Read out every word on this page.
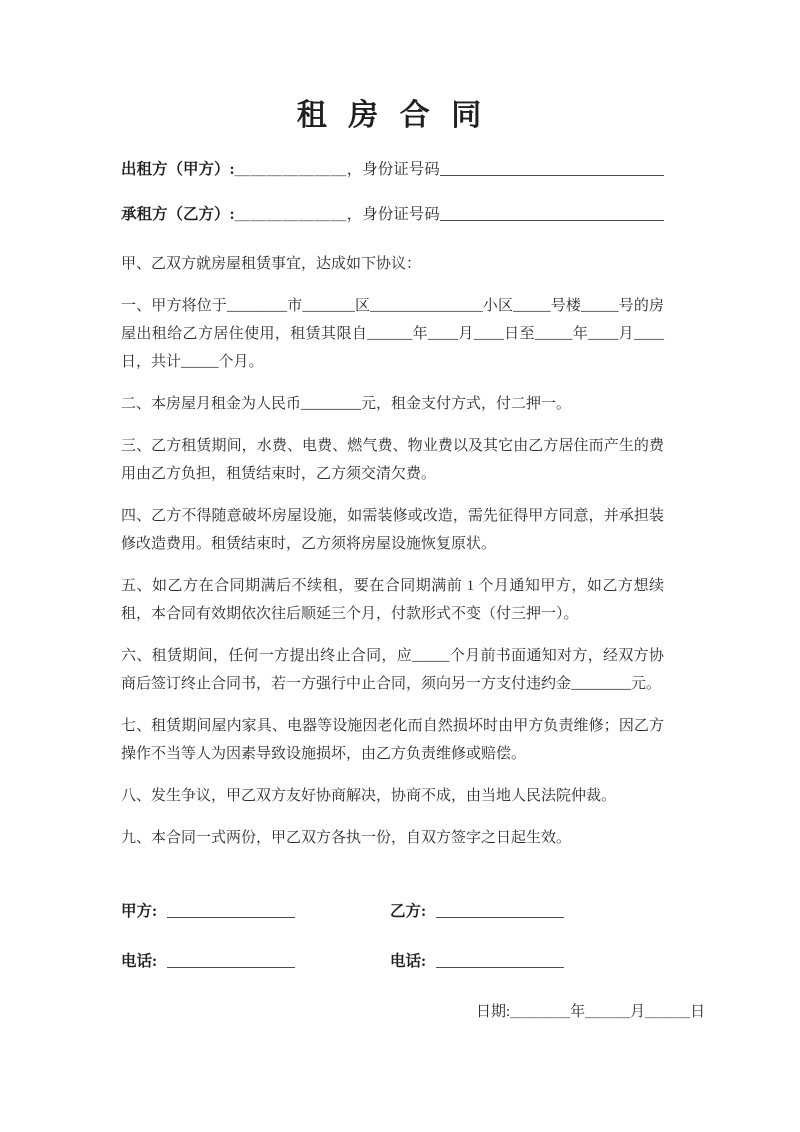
租 房 合 同
出租方（甲方）: ＿＿＿＿＿＿＿ ，身份证号码
承租方（乙方）: ＿＿＿＿＿＿＿ ，身份证号码
甲、乙双方就房屋租赁事宜，达成如下协议：
一、甲方将位于________市_______区_______________小区_____号楼_____号的房屋出租给乙方居住使用，租赁其限自______年____月____日至_____年____月____日，共计_____个月。
二、本房屋月租金为人民币________元，租金支付方式，付二押一。
三、乙方租赁期间，水费、电费、燃气费、物业费以及其它由乙方居住而产生的费用由乙方负担，租赁结束时，乙方须交清欠费。
四、乙方不得随意破坏房屋设施，如需装修或改造，需先征得甲方同意，并承担装修改造费用。租赁结束时，乙方须将房屋设施恢复原状。
五、如乙方在合同期满后不续租，要在合同期满前 1 个月通知甲方，如乙方想续租，本合同有效期依次往后顺延三个月，付款形式不变（付三押一）。
六、租赁期间，任何一方提出终止合同，应_____个月前书面通知对方，经双方协商后签订终止合同书，若一方强行中止合同，须向另一方支付违约金________元。
七、租赁期间屋内家具、电器等设施因老化而自然损坏时由甲方负责维修；因乙方操作不当等人为因素导致设施损坏，由乙方负责维修或赔偿。
八、发生争议，甲乙双方友好协商解决，协商不成，由当地人民法院仲裁。
九、本合同一式两份，甲乙双方各执一份，自双方签字之日起生效。
甲方:	乙方:
电话:	电话:
日期:＿＿＿＿年＿＿＿月＿＿＿日
